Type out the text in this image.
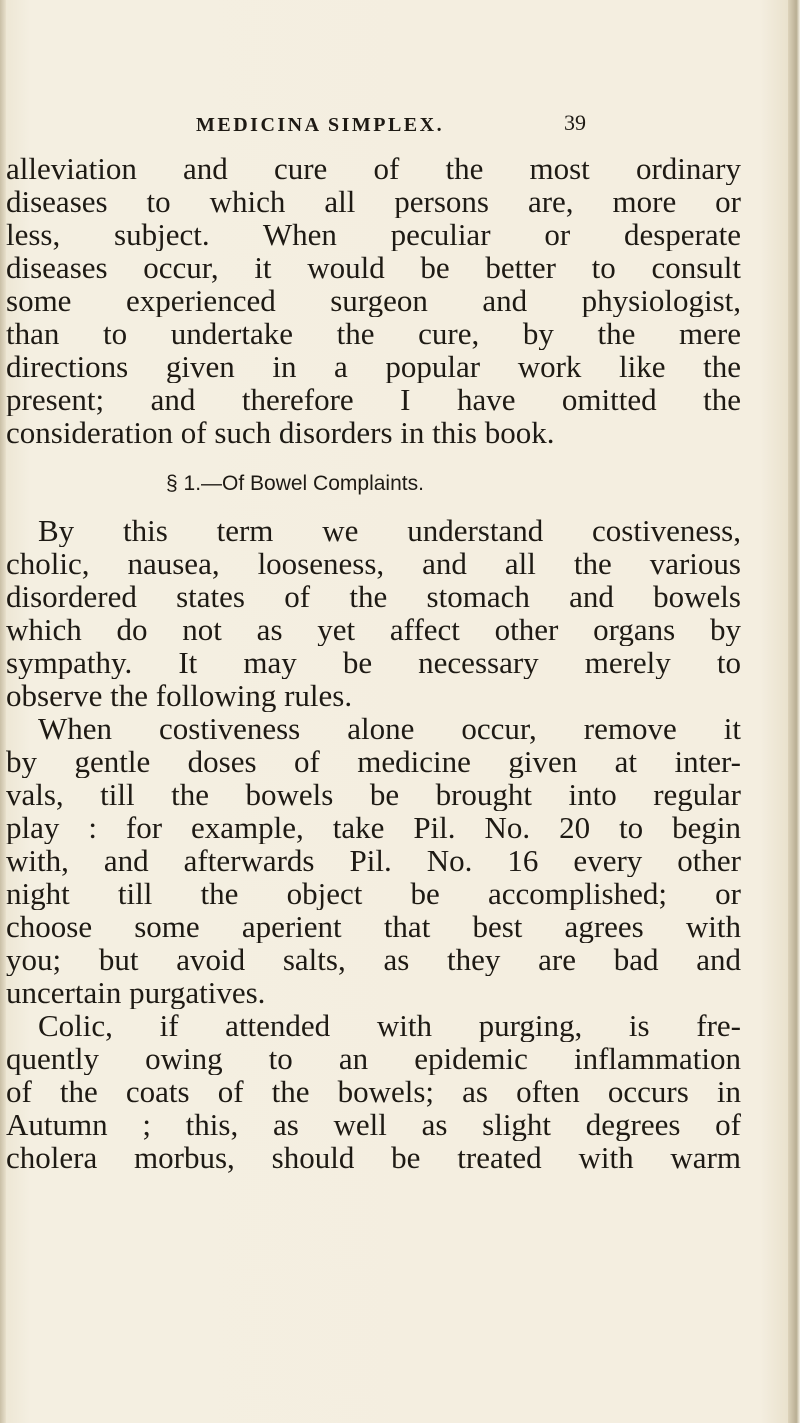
MEDICINA SIMPLEX.	39
alleviation and cure of the most ordinary
diseases to which all persons are, more or
less, subject. When peculiar or desperate
diseases occur, it would be better to consult
some experienced surgeon and physiologist,
than to undertake the cure, by the mere
directions given in a popular work like the
present; and therefore I have omitted the
consideration of such disorders in this book.
§ 1.—Of Bowel Complaints.
By this term we understand costiveness,
cholic, nausea, looseness, and all the various
disordered states of the stomach and bowels
which do not as yet affect other organs by
sympathy. It may be necessary merely to
observe the following rules.
When costiveness alone occur, remove it
by gentle doses of medicine given at inter-
vals, till the bowels be brought into regular
play : for example, take Pil. No. 20 to begin
with, and afterwards Pil. No. 16 every other
night till the object be accomplished; or
choose some aperient that best agrees with
you; but avoid salts, as they are bad and
uncertain purgatives.
Colic, if attended with purging, is fre-
quently owing to an epidemic inflammation
of the coats of the bowels; as often occurs in
Autumn ; this, as well as slight degrees of
cholera morbus, should be treated with warm
